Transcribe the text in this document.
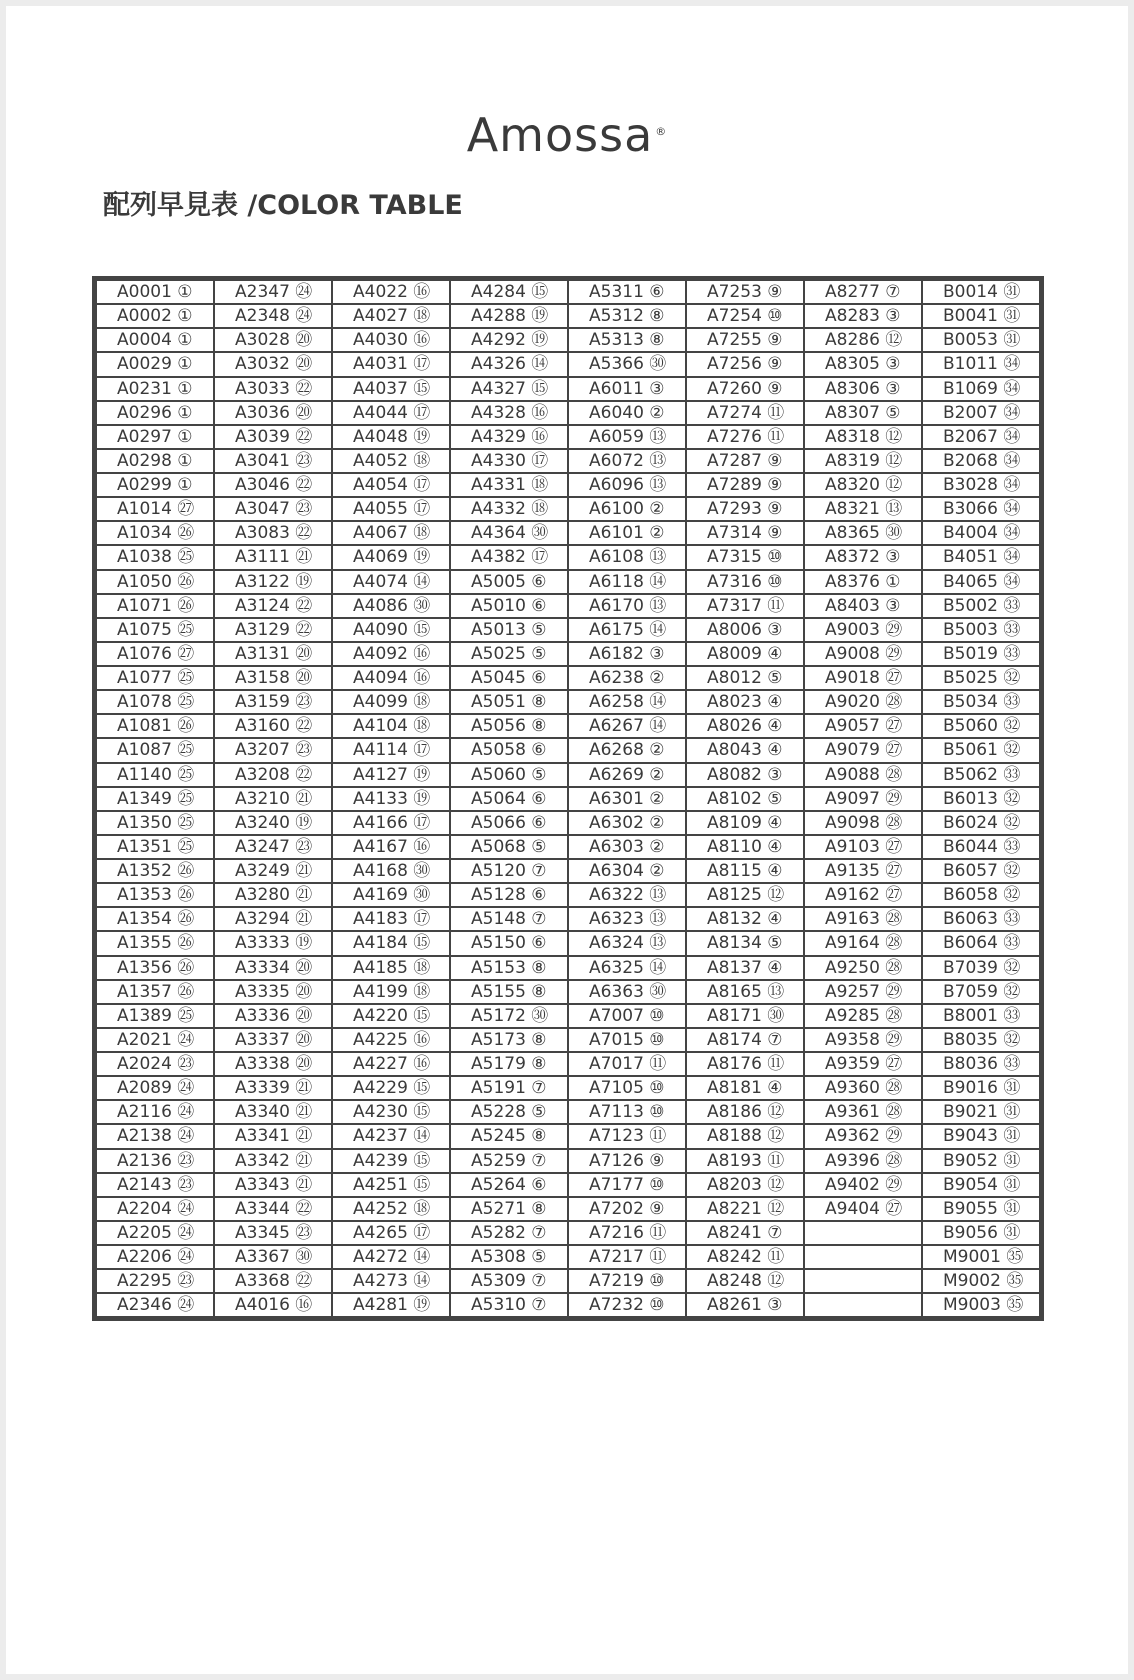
Amossa ®
配列早見表 /COLOR TABLE
A0001 ①	A2347 ㉔	A4022 ⑯	A4284 ⑮	A5311 ⑥	A7253 ⑨	A8277 ⑦	B0014 ㉛
A0002 ①	A2348 ㉔	A4027 ⑱	A4288 ⑲	A5312 ⑧	A7254 ⑩	A8283 ③	B0041 ㉛
A0004 ①	A3028 ⑳	A4030 ⑯	A4292 ⑲	A5313 ⑧	A7255 ⑨	A8286 ⑫	B0053 ㉛
A0029 ①	A3032 ⑳	A4031 ⑰	A4326 ⑭	A5366 ㉚	A7256 ⑨	A8305 ③	B1011 ㉞
A0231 ①	A3033 ㉒	A4037 ⑮	A4327 ⑮	A6011 ③	A7260 ⑨	A8306 ③	B1069 ㉞
A0296 ①	A3036 ⑳	A4044 ⑰	A4328 ⑯	A6040 ②	A7274 ⑪	A8307 ⑤	B2007 ㉞
A0297 ①	A3039 ㉒	A4048 ⑲	A4329 ⑯	A6059 ⑬	A7276 ⑪	A8318 ⑫	B2067 ㉞
A0298 ①	A3041 ㉓	A4052 ⑱	A4330 ⑰	A6072 ⑬	A7287 ⑨	A8319 ⑫	B2068 ㉞
A0299 ①	A3046 ㉒	A4054 ⑰	A4331 ⑱	A6096 ⑬	A7289 ⑨	A8320 ⑫	B3028 ㉞
A1014 ㉗	A3047 ㉓	A4055 ⑰	A4332 ⑱	A6100 ②	A7293 ⑨	A8321 ⑬	B3066 ㉞
A1034 ㉖	A3083 ㉒	A4067 ⑱	A4364 ㉚	A6101 ②	A7314 ⑨	A8365 ㉚	B4004 ㉞
A1038 ㉕	A3111 ㉑	A4069 ⑲	A4382 ⑰	A6108 ⑬	A7315 ⑩	A8372 ③	B4051 ㉞
A1050 ㉖	A3122 ⑲	A4074 ⑭	A5005 ⑥	A6118 ⑭	A7316 ⑩	A8376 ①	B4065 ㉞
A1071 ㉖	A3124 ㉒	A4086 ㉚	A5010 ⑥	A6170 ⑬	A7317 ⑪	A8403 ③	B5002 ㉝
A1075 ㉕	A3129 ㉒	A4090 ⑮	A5013 ⑤	A6175 ⑭	A8006 ③	A9003 ㉙	B5003 ㉝
A1076 ㉗	A3131 ⑳	A4092 ⑯	A5025 ⑤	A6182 ③	A8009 ④	A9008 ㉙	B5019 ㉝
A1077 ㉕	A3158 ⑳	A4094 ⑯	A5045 ⑥	A6238 ②	A8012 ⑤	A9018 ㉗	B5025 ㉜
A1078 ㉕	A3159 ㉓	A4099 ⑱	A5051 ⑧	A6258 ⑭	A8023 ④	A9020 ㉘	B5034 ㉝
A1081 ㉖	A3160 ㉒	A4104 ⑱	A5056 ⑧	A6267 ⑭	A8026 ④	A9057 ㉗	B5060 ㉜
A1087 ㉕	A3207 ㉓	A4114 ⑰	A5058 ⑥	A6268 ②	A8043 ④	A9079 ㉗	B5061 ㉜
A1140 ㉕	A3208 ㉒	A4127 ⑲	A5060 ⑤	A6269 ②	A8082 ③	A9088 ㉘	B5062 ㉝
A1349 ㉕	A3210 ㉑	A4133 ⑲	A5064 ⑥	A6301 ②	A8102 ⑤	A9097 ㉙	B6013 ㉜
A1350 ㉕	A3240 ⑲	A4166 ⑰	A5066 ⑥	A6302 ②	A8109 ④	A9098 ㉘	B6024 ㉜
A1351 ㉕	A3247 ㉓	A4167 ⑯	A5068 ⑤	A6303 ②	A8110 ④	A9103 ㉗	B6044 ㉝
A1352 ㉖	A3249 ㉑	A4168 ㉚	A5120 ⑦	A6304 ②	A8115 ④	A9135 ㉗	B6057 ㉜
A1353 ㉖	A3280 ㉑	A4169 ㉚	A5128 ⑥	A6322 ⑬	A8125 ⑫	A9162 ㉗	B6058 ㉜
A1354 ㉖	A3294 ㉑	A4183 ⑰	A5148 ⑦	A6323 ⑬	A8132 ④	A9163 ㉘	B6063 ㉝
A1355 ㉖	A3333 ⑲	A4184 ⑮	A5150 ⑥	A6324 ⑬	A8134 ⑤	A9164 ㉘	B6064 ㉝
A1356 ㉖	A3334 ⑳	A4185 ⑱	A5153 ⑧	A6325 ⑭	A8137 ④	A9250 ㉘	B7039 ㉜
A1357 ㉖	A3335 ⑳	A4199 ⑱	A5155 ⑧	A6363 ㉚	A8165 ⑬	A9257 ㉙	B7059 ㉜
A1389 ㉕	A3336 ⑳	A4220 ⑮	A5172 ㉚	A7007 ⑩	A8171 ㉚	A9285 ㉘	B8001 ㉝
A2021 ㉔	A3337 ⑳	A4225 ⑯	A5173 ⑧	A7015 ⑩	A8174 ⑦	A9358 ㉙	B8035 ㉜
A2024 ㉓	A3338 ⑳	A4227 ⑯	A5179 ⑧	A7017 ⑪	A8176 ⑪	A9359 ㉗	B8036 ㉝
A2089 ㉔	A3339 ㉑	A4229 ⑮	A5191 ⑦	A7105 ⑩	A8181 ④	A9360 ㉘	B9016 ㉛
A2116 ㉔	A3340 ㉑	A4230 ⑮	A5228 ⑤	A7113 ⑩	A8186 ⑫	A9361 ㉘	B9021 ㉛
A2138 ㉔	A3341 ㉑	A4237 ⑭	A5245 ⑧	A7123 ⑪	A8188 ⑫	A9362 ㉙	B9043 ㉛
A2136 ㉓	A3342 ㉑	A4239 ⑮	A5259 ⑦	A7126 ⑨	A8193 ⑪	A9396 ㉘	B9052 ㉛
A2143 ㉓	A3343 ㉑	A4251 ⑮	A5264 ⑥	A7177 ⑩	A8203 ⑫	A9402 ㉙	B9054 ㉛
A2204 ㉔	A3344 ㉒	A4252 ⑱	A5271 ⑧	A7202 ⑨	A8221 ⑫	A9404 ㉗	B9055 ㉛
A2205 ㉔	A3345 ㉓	A4265 ⑰	A5282 ⑦	A7216 ⑪	A8241 ⑦		B9056 ㉛
A2206 ㉔	A3367 ㉚	A4272 ⑭	A5308 ⑤	A7217 ⑪	A8242 ⑪		M9001 ㉟
A2295 ㉓	A3368 ㉒	A4273 ⑭	A5309 ⑦	A7219 ⑩	A8248 ⑫		M9002 ㉟
A2346 ㉔	A4016 ⑯	A4281 ⑲	A5310 ⑦	A7232 ⑩	A8261 ③		M9003 ㉟
